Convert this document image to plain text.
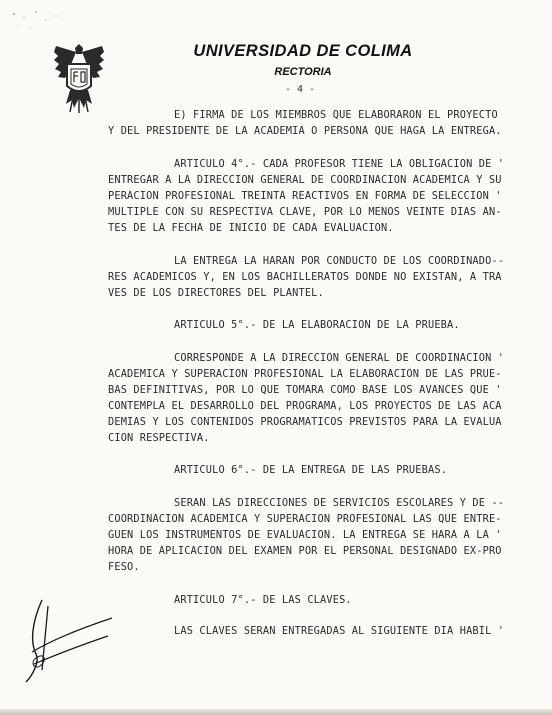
UNIVERSIDAD DE COLIMA
RECTORIA
- 4 -
E) FIRMA DE LOS MIEMBROS QUE ELABORARON EL PROYECTO
Y DEL PRESIDENTE DE LA ACADEMIA O PERSONA QUE HAGA LA ENTREGA.
ARTICULO 4°.- CADA PROFESOR TIENE LA OBLIGACION DE '
ENTREGAR A LA DIRECCION GENERAL DE COORDINACION ACADEMICA Y SU
PERACION PROFESIONAL TREINTA REACTIVOS EN FORMA DE SELECCION '
MULTIPLE CON SU RESPECTIVA CLAVE, POR LO MENOS VEINTE DIAS AN-
TES DE LA FECHA DE INICIO DE CADA EVALUACION.
LA ENTREGA LA HARAN POR CONDUCTO DE LOS COORDINADO--
RES ACADEMICOS Y, EN LOS BACHILLERATOS DONDE NO EXISTAN, A TRA
VES DE LOS DIRECTORES DEL PLANTEL.
ARTICULO 5°.- DE LA ELABORACION DE LA PRUEBA.
CORRESPONDE A LA DIRECCION GENERAL DE COORDINACION '
ACADEMICA Y SUPERACION PROFESIONAL LA ELABORACION DE LAS PRUE-
BAS DEFINITIVAS, POR LO QUE TOMARA COMO BASE LOS AVANCES QUE '
CONTEMPLA EL DESARROLLO DEL PROGRAMA, LOS PROYECTOS DE LAS ACA
DEMIAS Y LOS CONTENIDOS PROGRAMATICOS PREVISTOS PARA LA EVALUA
CION RESPECTIVA.
ARTICULO 6°.- DE LA ENTREGA DE LAS PRUEBAS.
SERAN LAS DIRECCIONES DE SERVICIOS ESCOLARES Y DE --
COORDINACION ACADEMICA Y SUPERACION PROFESIONAL LAS QUE ENTRE-
GUEN LOS INSTRUMENTOS DE EVALUACION. LA ENTREGA SE HARA A LA '
HORA DE APLICACION DEL EXAMEN POR EL PERSONAL DESIGNADO EX-PRO
FESO.
ARTICULO 7°.- DE LAS CLAVES.
LAS CLAVES SERAN ENTREGADAS AL SIGUIENTE DIA HABIL '
